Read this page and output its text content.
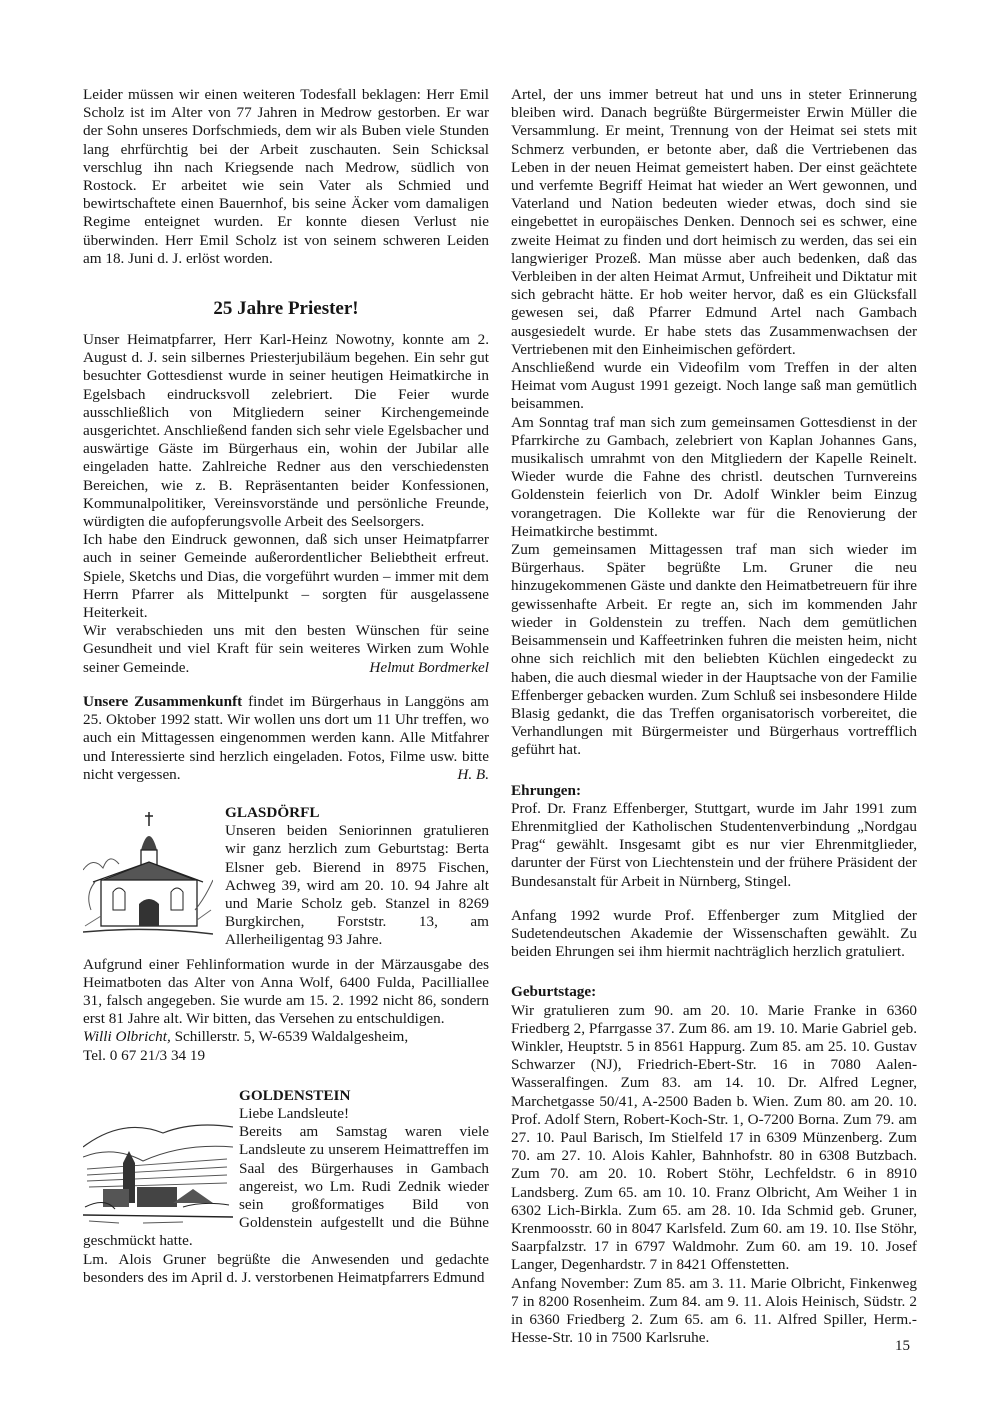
Leider müssen wir einen weiteren Todesfall beklagen: Herr Emil Scholz ist im Alter von 77 Jahren in Medrow gestorben. Er war der Sohn unseres Dorfschmieds, dem wir als Buben viele Stunden lang ehrfürchtig bei der Arbeit zuschauten. Sein Schicksal verschlug ihn nach Kriegsende nach Medrow, südlich von Rostock. Er arbeitet wie sein Vater als Schmied und bewirtschaftete einen Bauernhof, bis seine Äcker vom damaligen Regime enteignet wurden. Er konnte diesen Verlust nie überwinden. Herr Emil Scholz ist von seinem schweren Leiden am 18. Juni d. J. erlöst worden.

25 Jahre Priester!

Unser Heimatpfarrer, Herr Karl-Heinz Nowotny, konnte am 2. August d. J. sein silbernes Priesterjubiläum begehen. Ein sehr gut besuchter Gottesdienst wurde in seiner heutigen Heimatkirche in Egelsbach eindrucksvoll zelebriert. Die Feier wurde ausschließlich von Mitgliedern seiner Kirchengemeinde ausgerichtet. Anschließend fanden sich sehr viele Egelsbacher und auswärtige Gäste im Bürgerhaus ein, wohin der Jubilar alle eingeladen hatte. Zahlreiche Redner aus den verschiedensten Bereichen, wie z. B. Repräsentanten beider Konfessionen, Kommunalpolitiker, Vereinsvorstände und persönliche Freunde, würdigten die aufopferungsvolle Arbeit des Seelsorgers.

Ich habe den Eindruck gewonnen, daß sich unser Heimatpfarrer auch in seiner Gemeinde außerordentlicher Beliebtheit erfreut. Spiele, Sketchs und Dias, die vorgeführt wurden – immer mit dem Herrn Pfarrer als Mittelpunkt – sorgten für ausgelassene Heiterkeit.

Wir verabschieden uns mit den besten Wünschen für seine Gesundheit und viel Kraft für sein weiteres Wirken zum Wohle seiner Gemeinde.	Helmut Bordmerkel

Unsere Zusammenkunft findet im Bürgerhaus in Langgöns am 25. Oktober 1992 statt. Wir wollen uns dort um 11 Uhr treffen, wo auch ein Mittagessen eingenommen werden kann. Alle Mitfahrer und Interessierte sind herzlich eingeladen. Fotos, Filme usw. bitte nicht vergessen.	H. B.

GLASDÖRFL

Unseren beiden Seniorinnen gratulieren wir ganz herzlich zum Geburtstag: Berta Elsner geb. Bierend in 8975 Fischen, Achweg 39, wird am 20. 10. 94 Jahre alt und Marie Scholz geb. Stanzel in 8269 Burgkirchen, Forststr. 13, am Allerheiligentag 93 Jahre.

Aufgrund einer Fehlinformation wurde in der Märzausgabe des Heimatboten das Alter von Anna Wolf, 6400 Fulda, Pacilliallee 31, falsch angegeben. Sie wurde am 15. 2. 1992 nicht 86, sondern erst 81 Jahre alt. Wir bitten, das Versehen zu entschuldigen.

Willi Olbricht, Schillerstr. 5, W-6539 Waldalgesheim,

Tel. 0 67 21/3 34 19

GOLDENSTEIN

Liebe Landsleute!

Bereits am Samstag waren viele Landsleute zu unserem Heimattreffen im Saal des Bürgerhauses in Gambach angereist, wo Lm. Rudi Zednik wieder sein großformatiges Bild von Goldenstein aufgestellt und die Bühne geschmückt hatte.

Lm. Alois Gruner begrüßte die Anwesenden und gedachte besonders des im April d. J. verstorbenen Heimatpfarrers Edmund

Artel, der uns immer betreut hat und uns in steter Erinnerung bleiben wird. Danach begrüßte Bürgermeister Erwin Müller die Versammlung. Er meint, Trennung von der Heimat sei stets mit Schmerz verbunden, er betonte aber, daß die Vertriebenen das Leben in der neuen Heimat gemeistert haben. Der einst geächtete und verfemte Begriff Heimat hat wieder an Wert gewonnen, und Vaterland und Nation bedeuten wieder etwas, doch sind sie eingebettet in europäisches Denken. Dennoch sei es schwer, eine zweite Heimat zu finden und dort heimisch zu werden, das sei ein langwieriger Prozeß. Man müsse aber auch bedenken, daß das Verbleiben in der alten Heimat Armut, Unfreiheit und Diktatur mit sich gebracht hätte. Er hob weiter hervor, daß es ein Glücksfall gewesen sei, daß Pfarrer Edmund Artel nach Gambach ausgesiedelt wurde. Er habe stets das Zusammenwachsen der Vertriebenen mit den Einheimischen gefördert.

Anschließend wurde ein Videofilm vom Treffen in der alten Heimat vom August 1991 gezeigt. Noch lange saß man gemütlich beisammen.

Am Sonntag traf man sich zum gemeinsamen Gottesdienst in der Pfarrkirche zu Gambach, zelebriert von Kaplan Johannes Gans, musikalisch umrahmt von den Mitgliedern der Kapelle Reinelt. Wieder wurde die Fahne des christl. deutschen Turnvereins Goldenstein feierlich von Dr. Adolf Winkler beim Einzug vorangetragen. Die Kollekte war für die Renovierung der Heimatkirche bestimmt.

Zum gemeinsamen Mittagessen traf man sich wieder im Bürgerhaus. Später begrüßte Lm. Gruner die neu hinzugekommenen Gäste und dankte den Heimatbetreuern für ihre gewissenhafte Arbeit. Er regte an, sich im kommenden Jahr wieder in Goldenstein zu treffen. Nach dem gemütlichen Beisammensein und Kaffeetrinken fuhren die meisten heim, nicht ohne sich reichlich mit den beliebten Küchlen eingedeckt zu haben, die auch diesmal wieder in der Hauptsache von der Familie Effenberger gebacken wurden. Zum Schluß sei insbesondere Hilde Blasig gedankt, die das Treffen organisatorisch vorbereitet, die Verhandlungen mit Bürgermeister und Bürgerhaus vortrefflich geführt hat.

Ehrungen:

Prof. Dr. Franz Effenberger, Stuttgart, wurde im Jahr 1991 zum Ehrenmitglied der Katholischen Studentenverbindung „Nordgau Prag“ gewählt. Insgesamt gibt es nur vier Ehrenmitglieder, darunter der Fürst von Liechtenstein und der frühere Präsident der Bundesanstalt für Arbeit in Nürnberg, Stingel.

Anfang 1992 wurde Prof. Effenberger zum Mitglied der Sudetendeutschen Akademie der Wissenschaften gewählt. Zu beiden Ehrungen sei ihm hiermit nachträglich herzlich gratuliert.

Geburtstage:

Wir gratulieren zum 90. am 20. 10. Marie Franke in 6360 Friedberg 2, Pfarrgasse 37. Zum 86. am 19. 10. Marie Gabriel geb. Winkler, Heuptstr. 5 in 8561 Happurg. Zum 85. am 25. 10. Gustav Schwarzer (NJ), Friedrich-Ebert-Str. 16 in 7080 Aalen-Wasseralfingen. Zum 83. am 14. 10. Dr. Alfred Legner, Marchetgasse 50/41, A-2500 Baden b. Wien. Zum 80. am 20. 10. Prof. Adolf Stern, Robert-Koch-Str. 1, O-7200 Borna. Zum 79. am 27. 10. Paul Barisch, Im Stielfeld 17 in 6309 Münzenberg. Zum 70. am 27. 10. Alois Kahler, Bahnhofstr. 80 in 6308 Butzbach. Zum 70. am 20. 10. Robert Stöhr, Lechfeldstr. 6 in 8910 Landsberg. Zum 65. am 10. 10. Franz Olbricht, Am Weiher 1 in 6302 Lich-Birkla. Zum 65. am 28. 10. Ida Schmid geb. Gruner, Krenmoosstr. 60 in 8047 Karlsfeld. Zum 60. am 19. 10. Ilse Stöhr, Saarpfalzstr. 17 in 6797 Waldmohr. Zum 60. am 19. 10. Josef Langer, Degenhardstr. 7 in 8421 Offenstetten.

Anfang November: Zum 85. am 3. 11. Marie Olbricht, Finkenweg 7 in 8200 Rosenheim. Zum 84. am 9. 11. Alois Heinisch, Südstr. 2 in 6360 Friedberg 2. Zum 65. am 6. 11. Alfred Spiller, Herm.-Hesse-Str. 10 in 7500 Karlsruhe.	15
